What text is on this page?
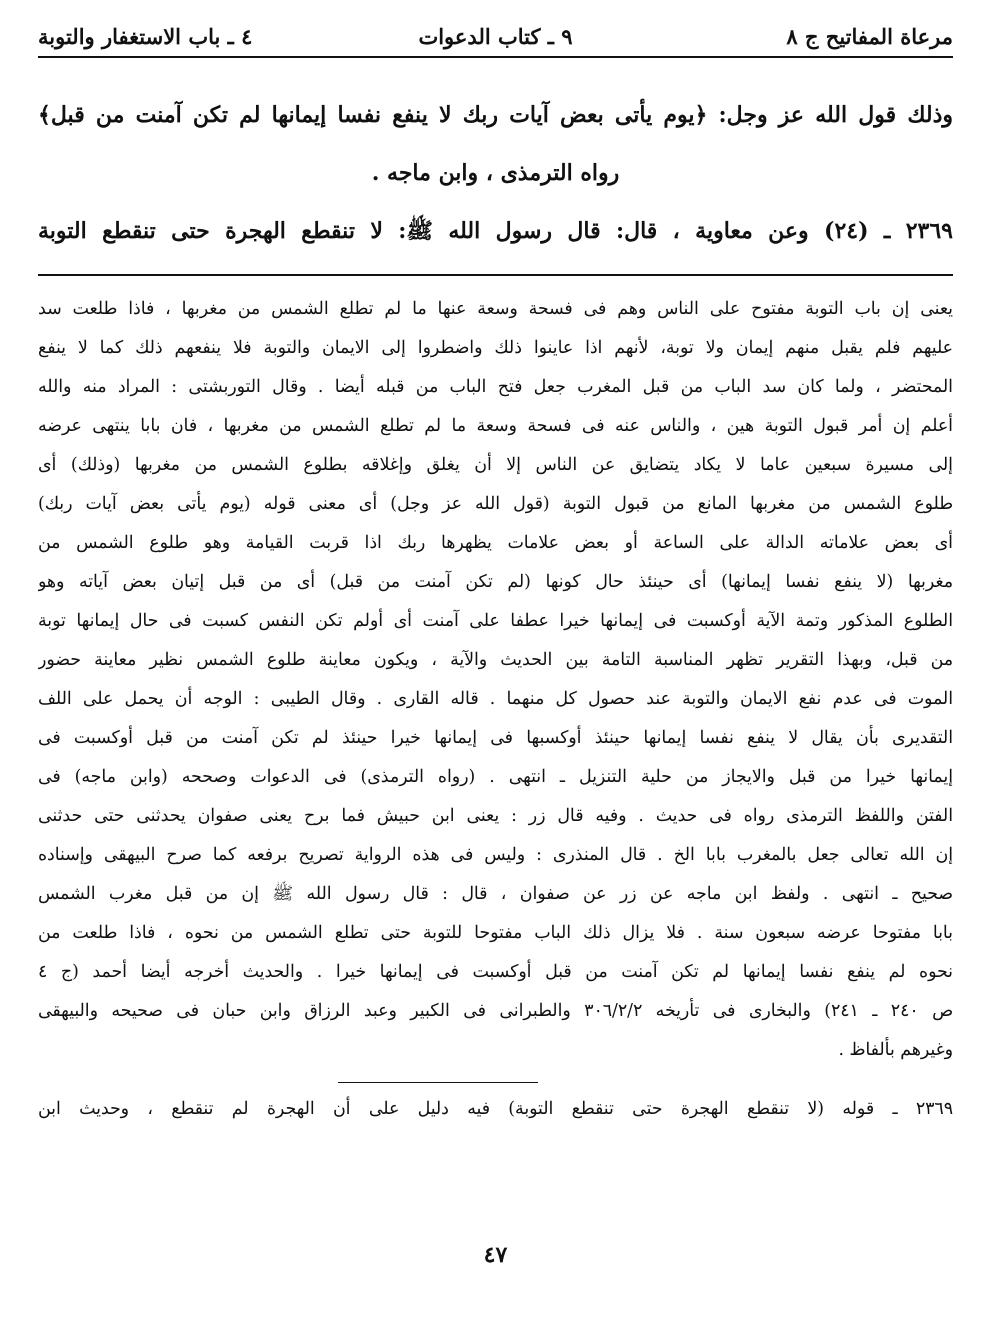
مرعاة المفاتيح ج ٨
٩ ـ كتاب الدعوات
٤ ـ باب الاستغفار والتوبة

وذلك قول الله عز وجل: ﴿يوم يأتى بعض آيات ربك لا ينفع نفسا إيمانها لم تكن آمنت من قبل﴾

رواه الترمذى ، وابن ماجه .

٢٣٦٩ ـ (٢٤) وعن معاوية ، قال: قال رسول الله ﷺ: لا تنقطع الهجرة حتى تنقطع التوبة

يعنى إن باب التوبة مفتوح على الناس وهم فى فسحة وسعة عنها ما لم تطلع الشمس من مغربها ، فاذا طلعت سد

عليهم فلم يقبل منهم إيمان ولا توبة، لأنهم اذا عاينوا ذلك واضطروا إلى الايمان والتوبة فلا ينفعهم ذلك كما لا ينفع

المحتضر ، ولما كان سد الباب من قبل المغرب جعل فتح الباب من قبله أيضا . وقال التوربشتى : المراد منه والله

أعلم إن أمر قبول التوبة هين ، والناس عنه فى فسحة وسعة ما لم تطلع الشمس من مغربها ، فان بابا ينتهى عرضه

إلى مسيرة سبعين عاما لا يكاد يتضايق عن الناس إلا أن يغلق وإغلاقه بطلوع الشمس من مغربها (وذلك) أى

طلوع الشمس من مغربها المانع من قبول التوبة (قول الله عز وجل) أى معنى قوله (يوم يأتى بعض آيات ربك)

أى بعض علاماته الدالة على الساعة أو بعض علامات يظهرها ربك اذا قربت القيامة وهو طلوع الشمس من

مغربها (لا ينفع نفسا إيمانها) أى حينئذ حال كونها (لم تكن آمنت من قبل) أى من قبل إتيان بعض آياته وهو

الطلوع المذكور وتمة الآية أوكسبت فى إيمانها خيرا عطفا على آمنت أى أولم تكن النفس كسبت فى حال إيمانها توبة

من قبل، وبهذا التقرير تظهر المناسبة التامة بين الحديث والآية ، ويكون معاينة طلوع الشمس نظير معاينة حضور

الموت فى عدم نفع الايمان والتوبة عند حصول كل منهما . قاله القارى . وقال الطيبى : الوجه أن يحمل على اللف

التقديرى بأن يقال لا ينفع نفسا إيمانها حينئذ أوكسبها فى إيمانها خيرا حينئذ لم تكن آمنت من قبل أوكسبت فى

إيمانها خيرا من قبل والايجاز من حلية التنزيل ـ انتهى . (رواه الترمذى) فى الدعوات وصححه (وابن ماجه) فى

الفتن واللفظ الترمذى رواه فى حديث . وفيه قال زر : يعنى ابن حبيش فما برح يعنى صفوان يحدثنى حتى حدثنى

إن الله تعالى جعل بالمغرب بابا الخ . قال المنذرى : وليس فى هذه الرواية تصريح برفعه كما صرح البيهقى وإسناده

صحيح ـ انتهى . ولفظ ابن ماجه عن زر عن صفوان ، قال : قال رسول الله ﷺ إن من قبل مغرب الشمس

بابا مفتوحا عرضه سبعون سنة . فلا يزال ذلك الباب مفتوحا للتوبة حتى تطلع الشمس من نحوه ، فاذا طلعت من

نحوه لم ينفع نفسا إيمانها لم تكن آمنت من قبل أوكسبت فى إيمانها خيرا . والحديث أخرجه أيضا أحمد (ج ٤

ص ٢٤٠ ـ ٢٤١) والبخارى فى تأريخه ٣٠٦/٢/٢ والطبرانى فى الكبير وعبد الرزاق وابن حبان فى صحيحه والبيهقى

وغيرهم بألفاظ .

٢٣٦٩ ـ قوله (لا تنقطع الهجرة حتى تنقطع التوبة) فيه دليل على أن الهجرة لم تنقطع ، وحديث ابن

٤٧
